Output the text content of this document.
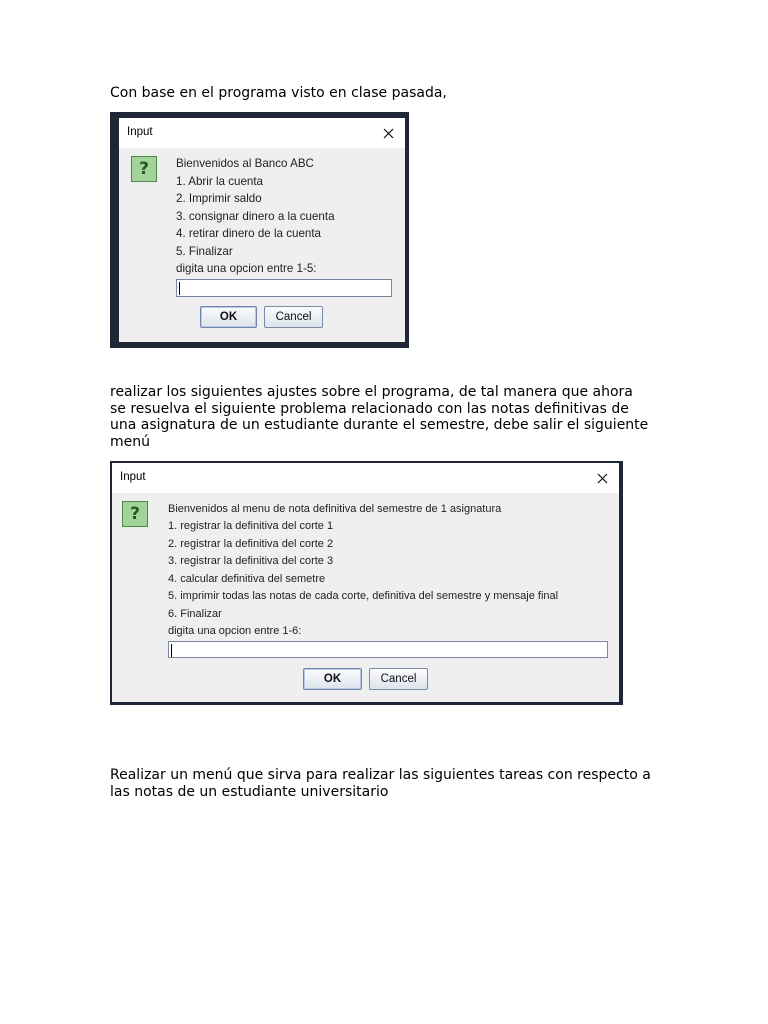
Con base en el programa visto en clase pasada,
Input
?	Bienvenidos al Banco ABC
1. Abrir la cuenta
2. Imprimir saldo
3. consignar dinero a la cuenta
4. retirar dinero de la cuenta
5. Finalizar
digita una opcion entre 1-5:
OK	Cancel
realizar los siguientes ajustes sobre el programa, de tal manera que ahora
se resuelva el siguiente problema relacionado con las notas definitivas de
una asignatura de un estudiante durante el semestre, debe salir el siguiente
menú
Input
?	Bienvenidos al menu de nota definitiva del semestre de 1 asignatura
1. registrar la definitiva del corte 1
2. registrar la definitiva del corte 2
3. registrar la definitiva del corte 3
4. calcular definitiva del semetre
5. imprimir todas las notas de cada corte, definitiva del semestre y mensaje final
6. Finalizar
digita una opcion entre 1-6:
OK	Cancel
Realizar un menú que sirva para realizar las siguientes tareas con respecto a
las notas de un estudiante universitario
